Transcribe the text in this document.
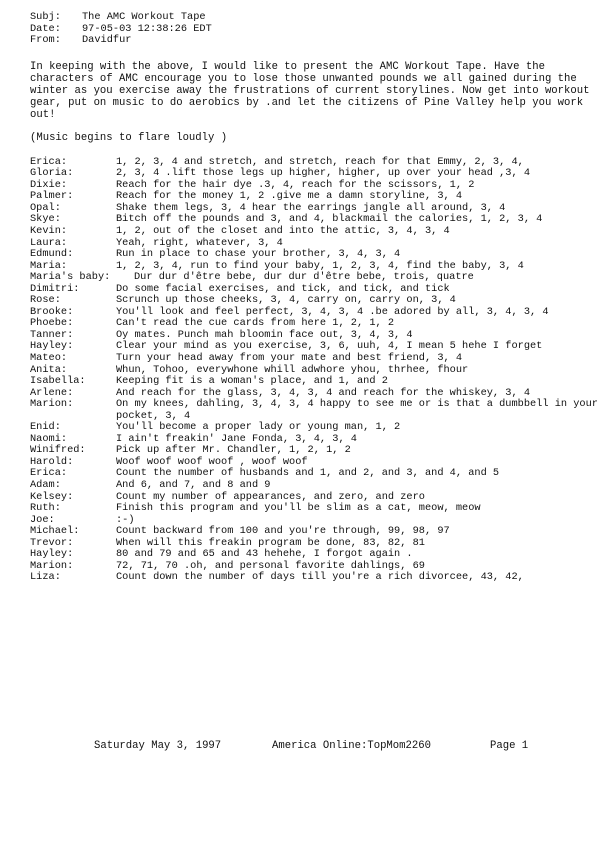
Subj:	The AMC Workout Tape
Date:	97-05-03 12:38:26 EDT
From:	Davidfur
In keeping with the above, I would like to present the AMC Workout Tape. Have the characters of AMC encourage you to lose those unwanted pounds we all gained during the winter as you exercise away the frustrations of current storylines. Now get into workout gear, put on music to do aerobics by .and let the citizens of Pine Valley help you work out!
(Music begins to flare loudly )
Erica:	1, 2, 3, 4 and stretch, and stretch, reach for that Emmy, 2, 3, 4,
Gloria:	2, 3, 4 .lift those legs up higher, higher, up over your head ,3, 4
Dixie:	Reach for the hair dye .3, 4, reach for the scissors, 1, 2
Palmer:	Reach for the money 1, 2 .give me a damn storyline, 3, 4
Opal:	Shake them legs, 3, 4 hear the earrings jangle all around, 3, 4
Skye:	Bitch off the pounds and 3, and 4, blackmail the calories, 1, 2, 3, 4
Kevin:	1, 2, out of the closet and into the attic, 3, 4, 3, 4
Laura:	Yeah, right, whatever, 3, 4
Edmund:	Run in place to chase your brother, 3, 4, 3, 4
Maria:	1, 2, 3, 4, run to find your baby, 1, 2, 3, 4, find the baby, 3, 4
Maria's baby:	Dur dur d'être bebe, dur dur d'être bebe, trois, quatre
Dimitri:	Do some facial exercises, and tick, and tick, and tick
Rose:	Scrunch up those cheeks, 3, 4, carry on, carry on, 3, 4
Brooke:	You'll look and feel perfect, 3, 4, 3, 4 .be adored by all, 3, 4, 3, 4
Phoebe:	Can't read the cue cards from here 1, 2, 1, 2
Tanner:	Oy mates. Punch mah bloomin face out, 3, 4, 3, 4
Hayley:	Clear your mind as you exercise, 3, 6, uuh, 4, I mean 5 hehe I forget
Mateo:	Turn your head away from your mate and best friend, 3, 4
Anita:	Whun, Tohoo, everywhone whill adwhore yhou, thrhee, fhour
Isabella:	Keeping fit is a woman's place, and 1, and 2
Arlene:	And reach for the glass, 3, 4, 3, 4 and reach for the whiskey, 3, 4
Marion:	On my knees, dahling, 3, 4, 3, 4 happy to see me or is that a dumbbell in your pocket, 3, 4
Enid:	You'll become a proper lady or young man, 1, 2
Naomi:	I ain't freakin' Jane Fonda, 3, 4, 3, 4
Winifred:	Pick up after Mr. Chandler, 1, 2, 1, 2
Harold:	Woof woof woof woof , woof woof
Erica:	Count the number of husbands and 1, and 2, and 3, and 4, and 5
Adam:	And 6, and 7, and 8 and 9
Kelsey:	Count my number of appearances, and zero, and zero
Ruth:	Finish this program and you'll be slim as a cat, meow, meow
Joe:	:-)
Michael:	Count backward from 100 and you're through, 99, 98, 97
Trevor:	When will this freakin program be done, 83, 82, 81
Hayley:	80 and 79 and 65 and 43 hehehe, I forgot again .
Marion:	72, 71, 70 .oh, and personal favorite dahlings, 69
Liza:	Count down the number of days till you're a rich divorcee, 43, 42,
Saturday May 3, 1997	America Online:TopMom2260	Page 1
